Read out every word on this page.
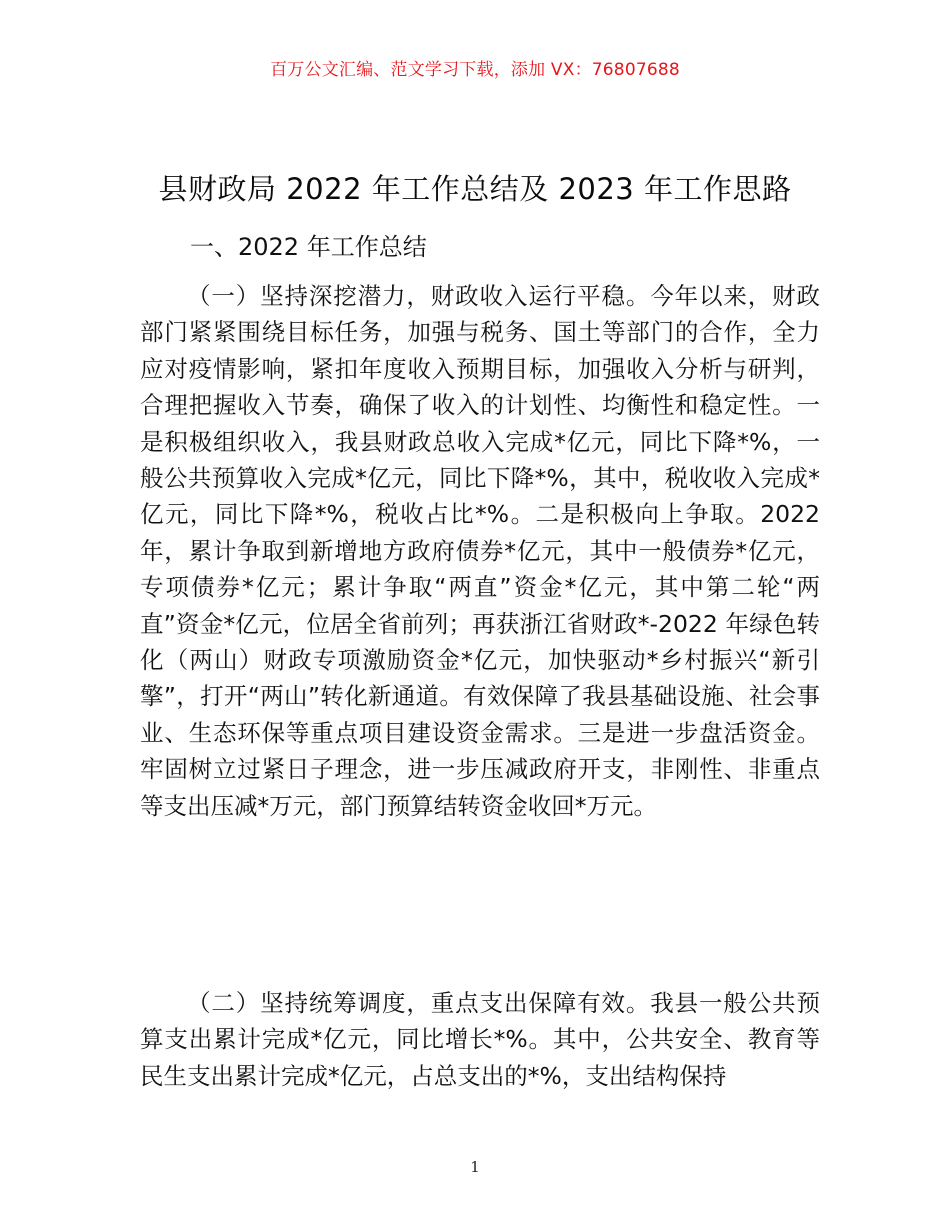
百万公文汇编、范文学习下载，添加 VX：76807688
县财政局 2022 年工作总结及 2023 年工作思路
一、2022 年工作总结

（一）坚持深挖潜力，财政收入运行平稳。今年以来，财政部门紧紧围绕目标任务，加强与税务、国土等部门的合作，全力应对疫情影响，紧扣年度收入预期目标，加强收入分析与研判，合理把握收入节奏，确保了收入的计划性、均衡性和稳定性。一是积极组织收入，我县财政总收入完成*亿元，同比下降*%，一般公共预算收入完成*亿元，同比下降*%，其中，税收收入完成*亿元，同比下降*%，税收占比*%。二是积极向上争取。2022 年，累计争取到新增地方政府债券*亿元，其中一般债券*亿元，专项债券*亿元；累计争取“两直”资金*亿元，其中第二轮“两直”资金*亿元，位居全省前列；再获浙江省财政*-2022 年绿色转化（两山）财政专项激励资金*亿元，加快驱动*乡村振兴“新引擎”，打开“两山”转化新通道。有效保障了我县基础设施、社会事业、生态环保等重点项目建设资金需求。三是进一步盘活资金。牢固树立过紧日子理念，进一步压减政府开支，非刚性、非重点等支出压减*万元，部门预算结转资金收回*万元。

（二）坚持统筹调度，重点支出保障有效。我县一般公共预算支出累计完成*亿元，同比增长*%。其中，公共安全、教育等民生支出累计完成*亿元，占总支出的*%，支出结构保持

1
